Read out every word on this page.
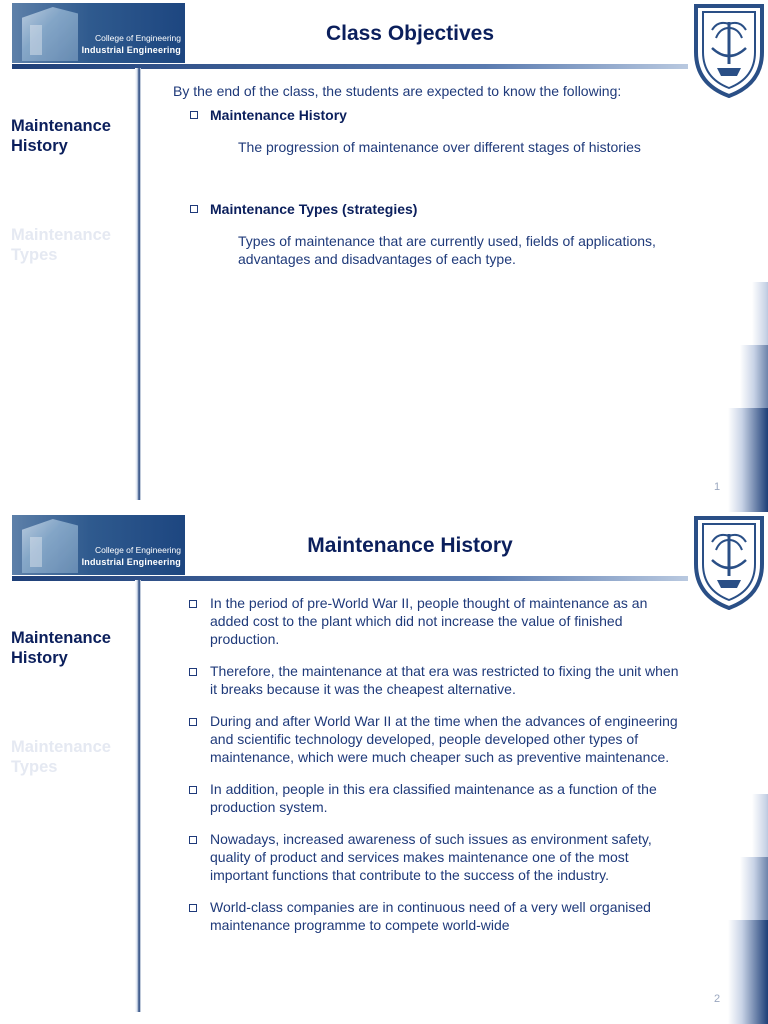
College of Engineering
Industrial Engineering
Class Objectives
Maintenance History
Maintenance Types

By the end of the class, the students are expected to know the following:

Maintenance History
The progression of maintenance over different stages of histories
Maintenance Types (strategies)
Types of maintenance that are currently used, fields of applications, advantages and disadvantages of each type.
1
College of Engineering
Industrial Engineering
Maintenance History
Maintenance History
Maintenance Types
2
In the period of pre-World War II, people thought of maintenance as an added cost to the plant which did not increase the value of finished production.
Therefore, the maintenance at that era was restricted to fixing the unit when it breaks because it was the cheapest alternative.
During and after World War II at the time when the advances of engineering and scientific technology developed, people developed other types of maintenance, which were much cheaper such as preventive maintenance.
In addition, people in this era classified maintenance as a function of the production system.
Nowadays, increased awareness of such issues as environment safety, quality of product and services makes maintenance one of the most important functions that contribute to the success of the industry.
World-class companies are in continuous need of a very well organised maintenance programme to compete world-wide
